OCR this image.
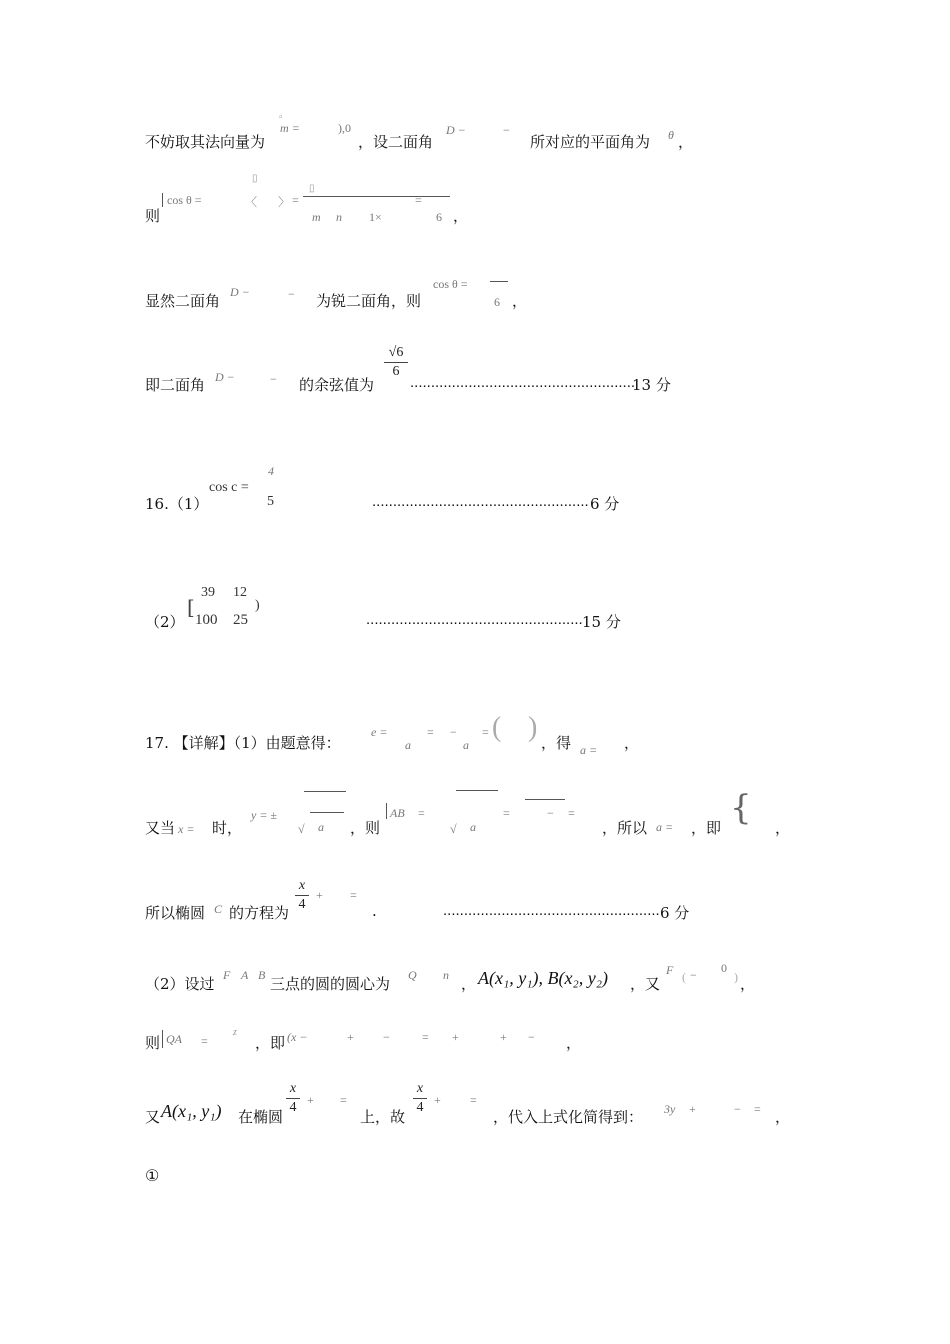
不妨取其法向量为
▫
m =	),0
，设二面角
D −	−
所对应的平面角为 θ ，
则
cos θ =	〈 〉 =
▯
▯
m n 1×
=
6 ，
显然二面角 D −	− 为锐二面角，则
cos θ =
6 ，
即二面角 D −	− 的余弦值为
√6
6
......................................................
13 分
16.（1）
cos c =
4
5	.................................................... 6 分
（2）
[
39
100
12
25
)
.................................................... 15 分
17. 【详解】（1）由题意得：
e =
a
= −
a
= ( ) ，得 a = ，
又当 x = 时，
y = ±
√ a ，则
AB =
√ a
=	− =
，所以 a = ，即 { ，
所以椭圆 C 的方程为
x
4
+ =
.	.................................................... 6 分
（2）设过 F A B 三点的圆的圆心为 Q n ， A(x₁, y₁), B(x₂, y₂) ，又
F ( − 0
) ，
则 QA =
z
，即 (x −	+ −	= +	+ − ，
又 A(x₁, y₁) 在椭圆
x
4 + =
上，故
x
4 + =
，代入上式化简得到： 3y +	− = ，
①
